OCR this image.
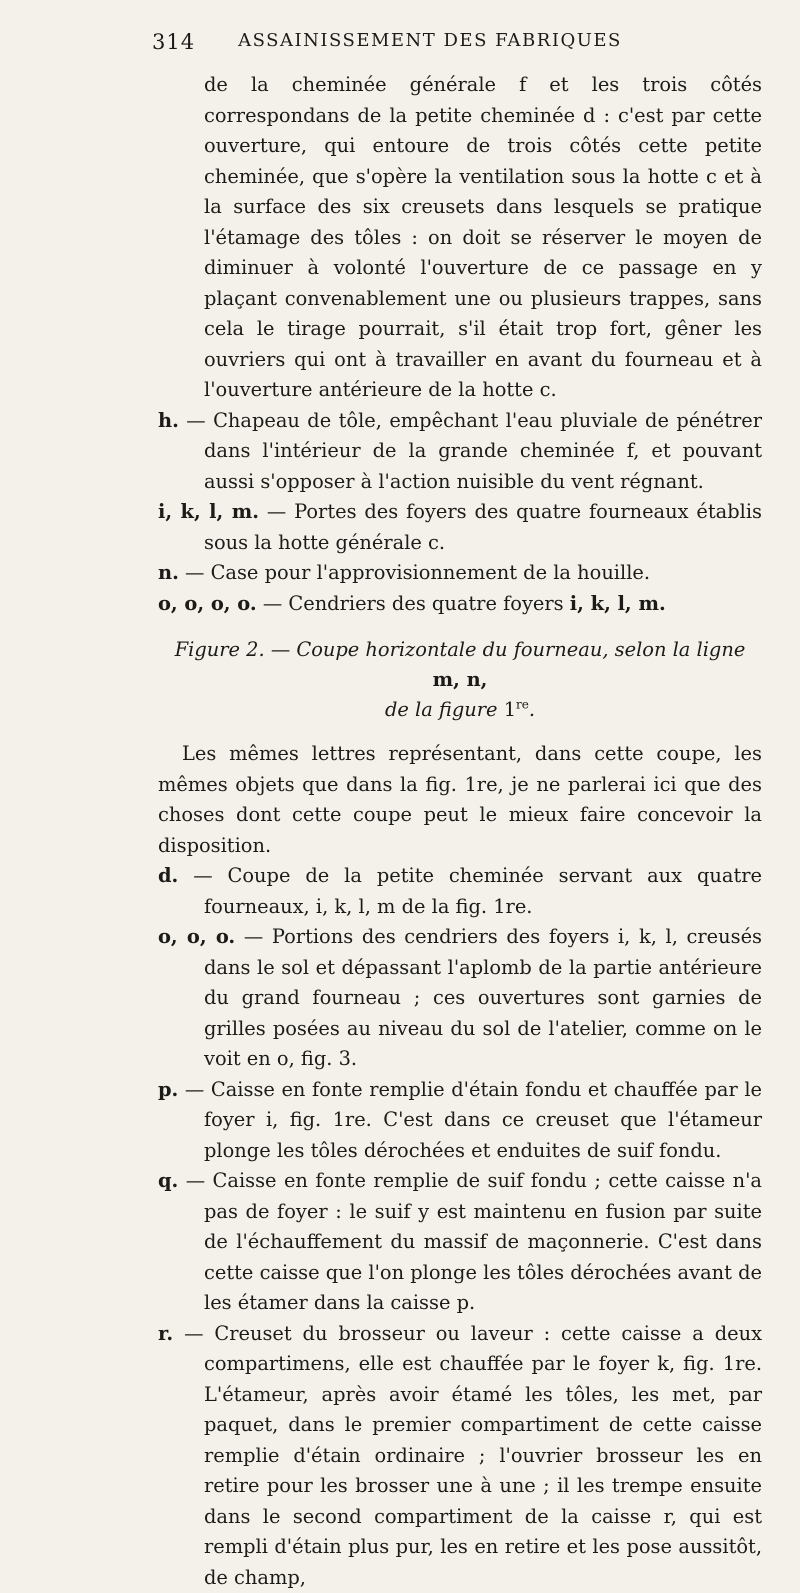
314	ASSAINISSEMENT DES FABRIQUES

de la cheminée générale f et les trois côtés correspondans de la petite cheminée d : c'est par cette ouverture, qui entoure de trois côtés cette petite cheminée, que s'opère la ventilation sous la hotte c et à la surface des six creusets dans lesquels se pratique l'étamage des tôles : on doit se réserver le moyen de diminuer à volonté l'ouverture de ce passage en y plaçant convenablement une ou plusieurs trappes, sans cela le tirage pourrait, s'il était trop fort, gêner les ouvriers qui ont à travailler en avant du fourneau et à l'ouverture antérieure de la hotte c.

h. — Chapeau de tôle, empêchant l'eau pluviale de pénétrer dans l'intérieur de la grande cheminée f, et pouvant aussi s'opposer à l'action nuisible du vent régnant.

i, k, l, m. — Portes des foyers des quatre fourneaux établis sous la hotte générale c.

n. — Case pour l'approvisionnement de la houille.

o, o, o, o. — Cendriers des quatre foyers i, k, l, m.

Figure 2. — Coupe horizontale du fourneau, selon la ligne m, n,
de la figure 1re.

Les mêmes lettres représentant, dans cette coupe, les mêmes objets que dans la fig. 1re, je ne parlerai ici que des choses dont cette coupe peut le mieux faire concevoir la disposition.

d. — Coupe de la petite cheminée servant aux quatre fourneaux, i, k, l, m de la fig. 1re.

o, o, o. — Portions des cendriers des foyers i, k, l, creusés dans le sol et dépassant l'aplomb de la partie antérieure du grand fourneau ; ces ouvertures sont garnies de grilles posées au niveau du sol de l'atelier, comme on le voit en o, fig. 3.

p. — Caisse en fonte remplie d'étain fondu et chauffée par le foyer i, fig. 1re. C'est dans ce creuset que l'étameur plonge les tôles dérochées et enduites de suif fondu.

q. — Caisse en fonte remplie de suif fondu ; cette caisse n'a pas de foyer : le suif y est maintenu en fusion par suite de l'échauffement du massif de maçonnerie. C'est dans cette caisse que l'on plonge les tôles dérochées avant de les étamer dans la caisse p.

r. — Creuset du brosseur ou laveur : cette caisse a deux compartimens, elle est chauffée par le foyer k, fig. 1re. L'étameur, après avoir étamé les tôles, les met, par paquet, dans le premier compartiment de cette caisse remplie d'étain ordinaire ; l'ouvrier brosseur les en retire pour les brosser une à une ; il les trempe ensuite dans le second compartiment de la caisse r, qui est rempli d'étain plus pur, les en retire et les pose aussitôt, de champ,
